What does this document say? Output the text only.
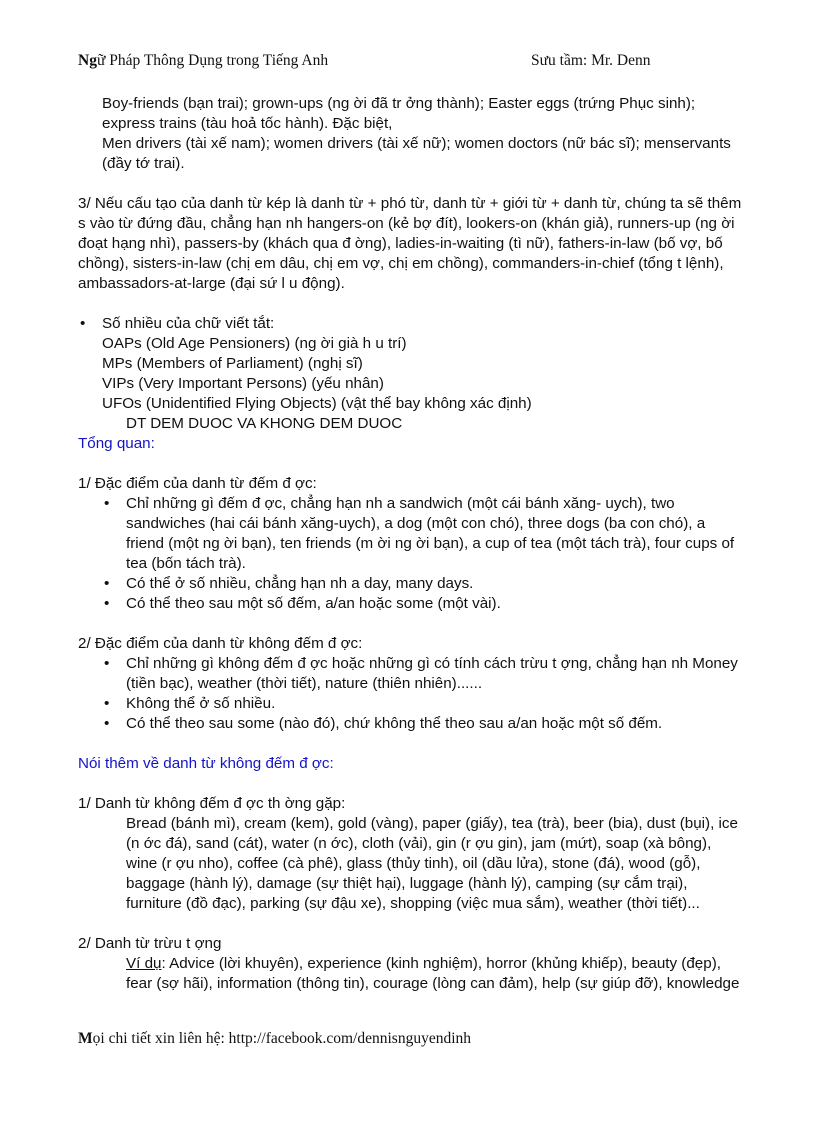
Ngữ Pháp Thông Dụng trong Tiếng Anh	Sưu tầm: Mr. Denn

Boy-friends (bạn trai); grown-ups (ng ời đã tr ởng thành); Easter eggs (trứng Phục sinh);

express trains (tàu hoả tốc hành). Đặc biệt,

Men drivers (tài xế nam); women drivers (tài xế nữ); women doctors (nữ bác sĩ); menservants

(đầy tớ trai).

3/ Nếu cấu tạo của danh từ kép là danh từ + phó từ, danh từ + giới từ + danh từ, chúng ta sẽ thêm

s vào từ đứng đầu, chẳng hạn nh hangers-on (kẻ bợ đít), lookers-on (khán giả), runners-up (ng ời

đoạt hạng nhì), passers-by (khách qua đ ờng), ladies-in-waiting (tì nữ), fathers-in-law (bố vợ, bố

chồng), sisters-in-law (chị em dâu, chị em vợ, chị em chồng), commanders-in-chief (tổng t lệnh),

ambassadors-at-large (đại sứ l u động).

• Số nhiều của chữ viết tắt:

OAPs (Old Age Pensioners) (ng ời già h u trí)

MPs (Members of Parliament) (nghị sĩ)

VIPs (Very Important Persons) (yếu nhân)

UFOs (Unidentified Flying Objects) (vật thể bay không xác định)

DT DEM DUOC VA KHONG DEM DUOC

Tổng quan:

1/ Đặc điểm của danh từ đếm đ ợc:

• Chỉ những gì đếm đ ợc, chẳng hạn nh a sandwich (một cái bánh xăng- uych), two
sandwiches (hai cái bánh xăng-uych), a dog (một con chó), three dogs (ba con chó), a
friend (một ng ời bạn), ten friends (m ời ng ời bạn), a cup of tea (một tách trà), four cups of
tea (bốn tách trà).

• Có thể ở số nhiều, chẳng hạn nh a day, many days.

• Có thể theo sau một số đếm, a/an hoặc some (một vài).

2/ Đặc điểm của danh từ không đếm đ ợc:

• Chỉ những gì không đếm đ ợc hoặc những gì có tính cách trừu t ợng, chẳng hạn nh Money
(tiền bạc), weather (thời tiết), nature (thiên nhiên)......

• Không thể ở số nhiều.

• Có thể theo sau some (nào đó), chứ không thể theo sau a/an hoặc một số đếm.

Nói thêm về danh từ không đếm đ ợc:

1/ Danh từ không đếm đ ợc th ờng gặp:

Bread (bánh mì), cream (kem), gold (vàng), paper (giấy), tea (trà), beer (bia), dust (bụi), ice

(n ớc đá), sand (cát), water (n ớc), cloth (vải), gin (r ợu gin), jam (mứt), soap (xà bông),

wine (r ợu nho), coffee (cà phê), glass (thủy tinh), oil (dầu lửa), stone (đá), wood (gỗ),

baggage (hành lý), damage (sự thiệt hại), luggage (hành lý), camping (sự cắm trại),

furniture (đồ đạc), parking (sự đậu xe), shopping (việc mua sắm), weather (thời tiết)...

2/ Danh từ trừu t ợng

Ví dụ: Advice (lời khuyên), experience (kinh nghiệm), horror (khủng khiếp), beauty (đẹp),

fear (sợ hãi), information (thông tin), courage (lòng can đảm), help (sự giúp đỡ), knowledge

Mọi chi tiết xin liên hệ: http://facebook.com/dennisnguyendinh
